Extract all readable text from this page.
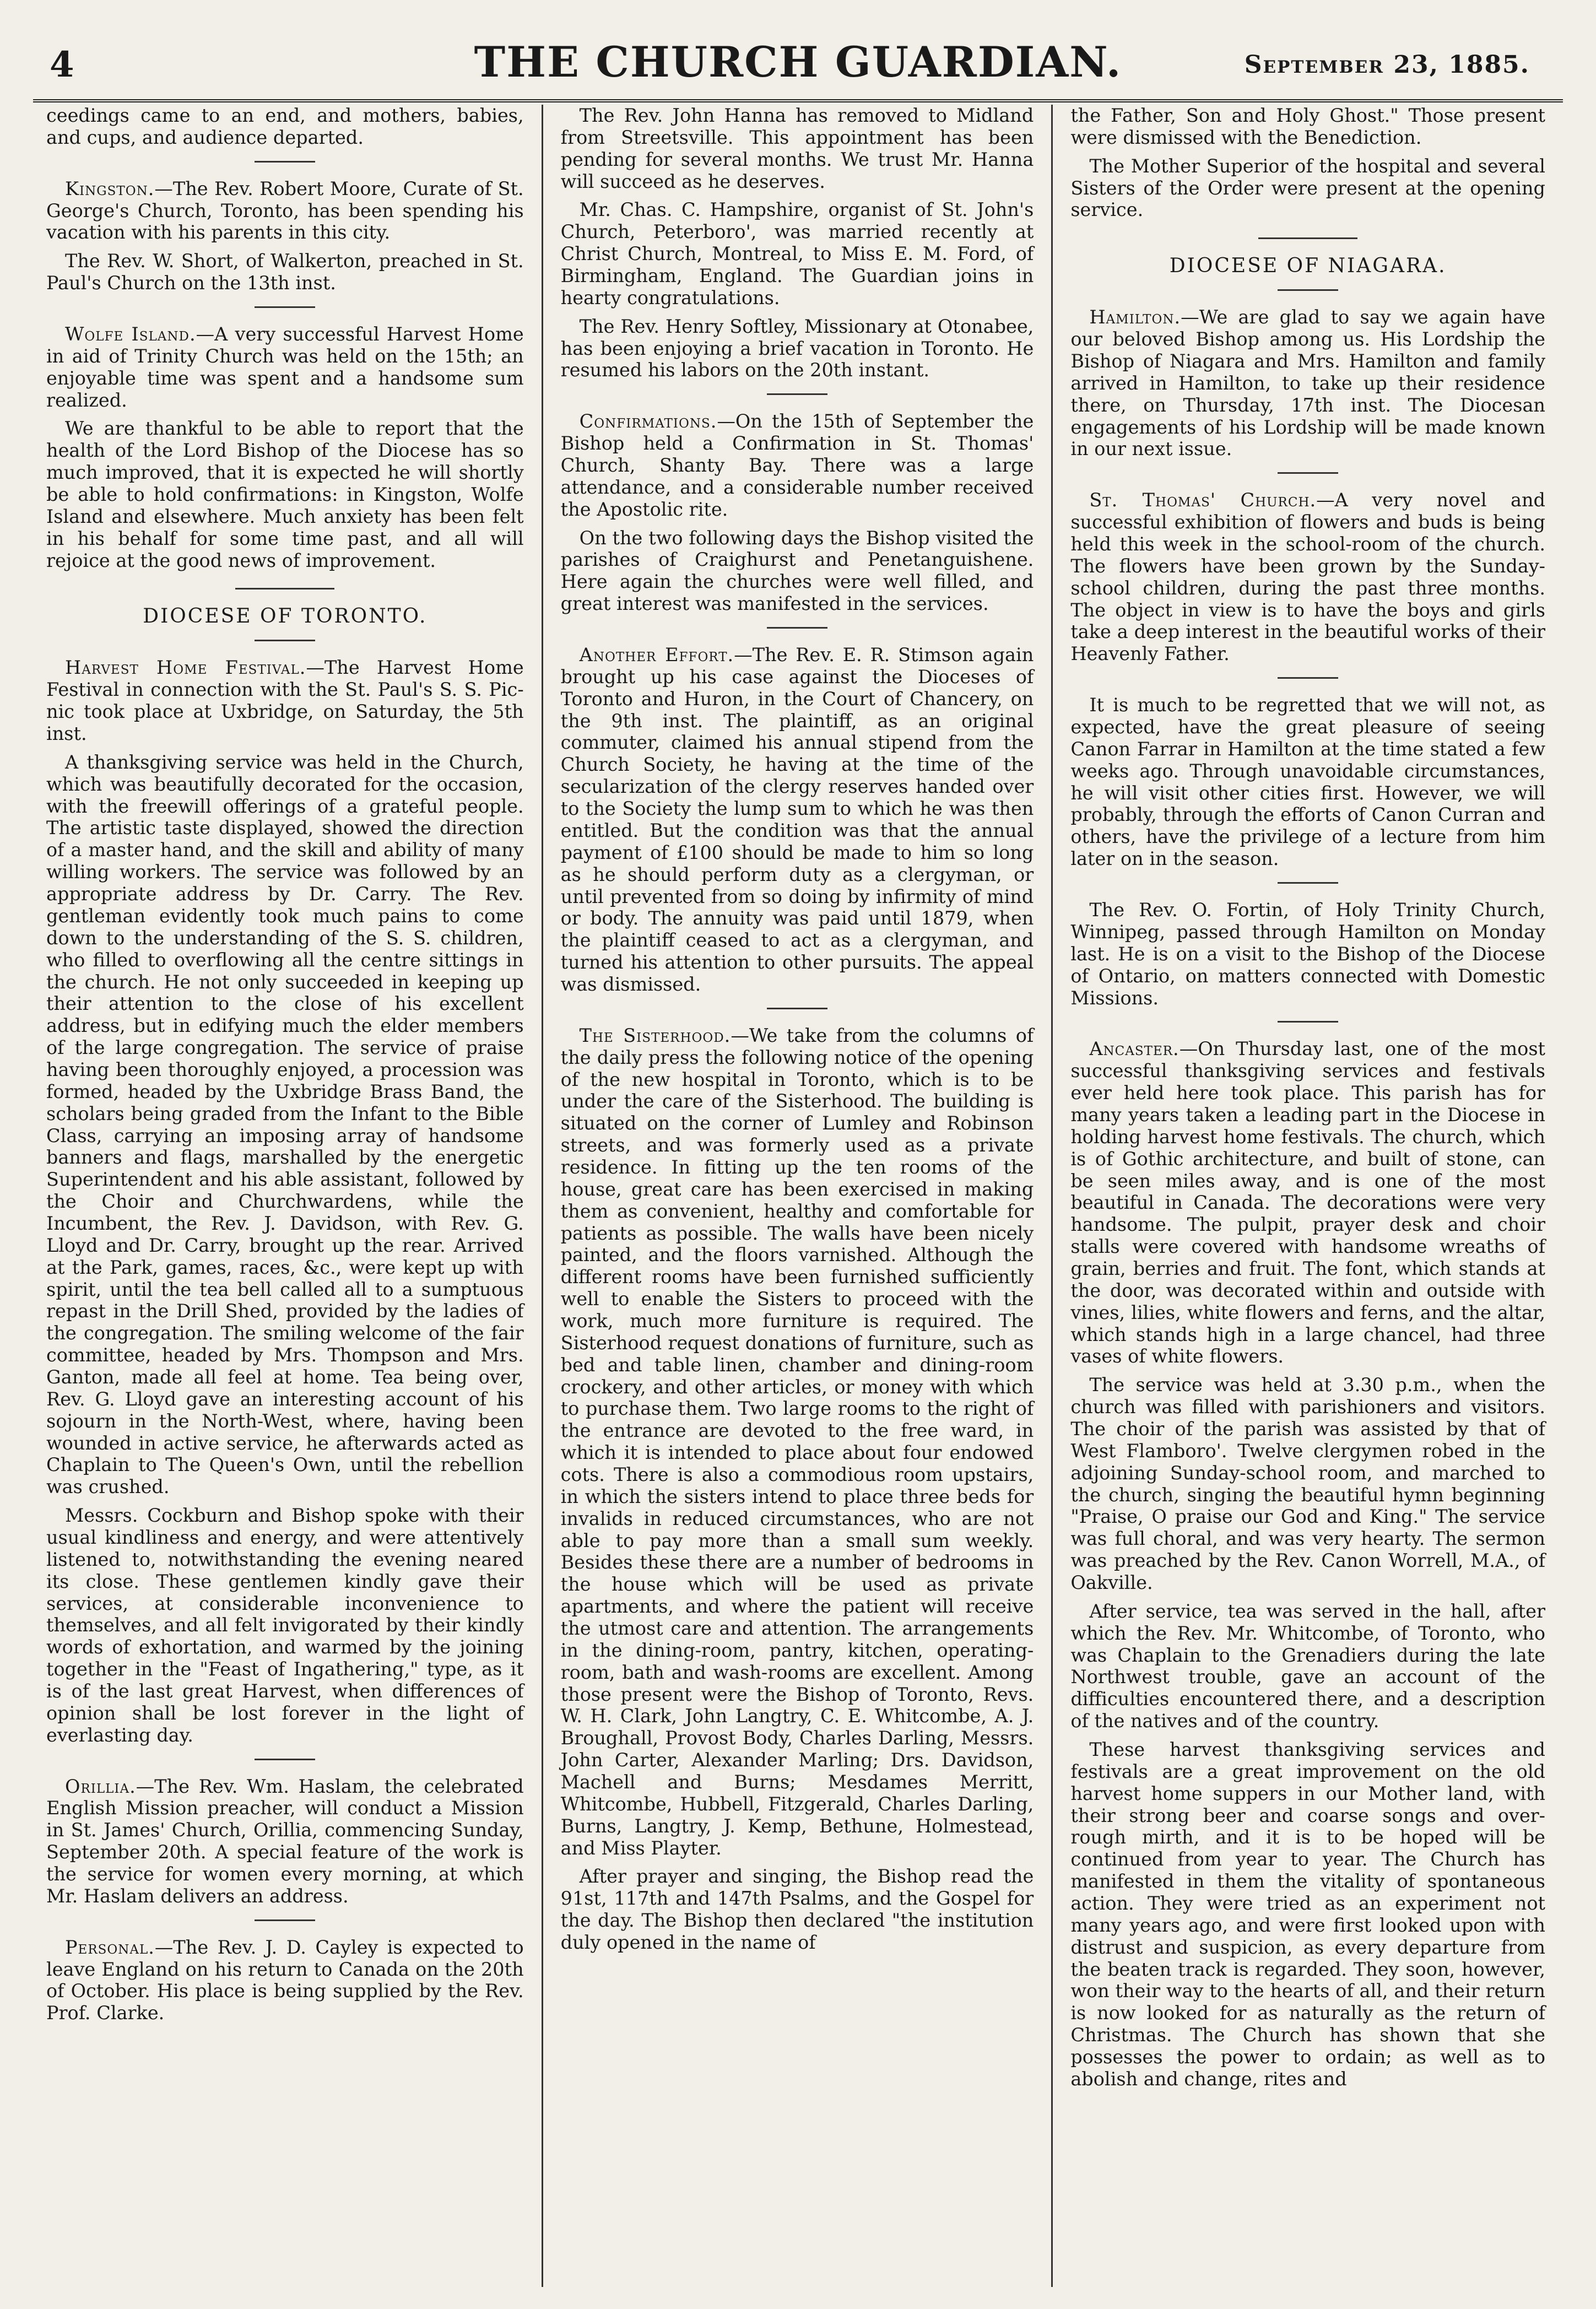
4	THE CHURCH GUARDIAN.	September 23, 1885.

ceedings came to an end, and mothers, babies, and cups, and audience departed.

Kingston.—The Rev. Robert Moore, Curate of St. George's Church, Toronto, has been spending his vacation with his parents in this city.

The Rev. W. Short, of Walkerton, preached in St. Paul's Church on the 13th inst.

Wolfe Island.—A very successful Harvest Home in aid of Trinity Church was held on the 15th; an enjoyable time was spent and a handsome sum realized.

We are thankful to be able to report that the health of the Lord Bishop of the Diocese has so much improved, that it is expected he will shortly be able to hold confirmations: in Kingston, Wolfe Island and elsewhere. Much anxiety has been felt in his behalf for some time past, and all will rejoice at the good news of improvement.

DIOCESE OF TORONTO.

Harvest Home Festival.—The Harvest Home Festival in connection with the St. Paul's S. S. Pic-nic took place at Uxbridge, on Saturday, the 5th inst.

A thanksgiving service was held in the Church, which was beautifully decorated for the occasion, with the freewill offerings of a grateful people. The artistic taste displayed, showed the direction of a master hand, and the skill and ability of many willing workers. The service was followed by an appropriate address by Dr. Carry. The Rev. gentleman evidently took much pains to come down to the understanding of the S. S. children, who filled to overflowing all the centre sittings in the church. He not only succeeded in keeping up their attention to the close of his excellent address, but in edifying much the elder members of the large congregation. The service of praise having been thoroughly enjoyed, a procession was formed, headed by the Uxbridge Brass Band, the scholars being graded from the Infant to the Bible Class, carrying an imposing array of handsome banners and flags, marshalled by the energetic Superintendent and his able assistant, followed by the Choir and Churchwardens, while the Incumbent, the Rev. J. Davidson, with Rev. G. Lloyd and Dr. Carry, brought up the rear. Arrived at the Park, games, races, &c., were kept up with spirit, until the tea bell called all to a sumptuous repast in the Drill Shed, provided by the ladies of the congregation. The smiling welcome of the fair committee, headed by Mrs. Thompson and Mrs. Ganton, made all feel at home. Tea being over, Rev. G. Lloyd gave an interesting account of his sojourn in the North-West, where, having been wounded in active service, he afterwards acted as Chaplain to The Queen's Own, until the rebellion was crushed.

Messrs. Cockburn and Bishop spoke with their usual kindliness and energy, and were attentively listened to, notwithstanding the evening neared its close. These gentlemen kindly gave their services, at considerable inconvenience to themselves, and all felt invigorated by their kindly words of exhortation, and warmed by the joining together in the "Feast of Ingathering," type, as it is of the last great Harvest, when differences of opinion shall be lost forever in the light of everlasting day.

Orillia.—The Rev. Wm. Haslam, the celebrated English Mission preacher, will conduct a Mission in St. James' Church, Orillia, commencing Sunday, September 20th. A special feature of the work is the service for women every morning, at which Mr. Haslam delivers an address.

Personal.—The Rev. J. D. Cayley is expected to leave England on his return to Canada on the 20th of October. His place is being supplied by the Rev. Prof. Clarke.

The Rev. John Hanna has removed to Midland from Streetsville. This appointment has been pending for several months. We trust Mr. Hanna will succeed as he deserves.

Mr. Chas. C. Hampshire, organist of St. John's Church, Peterboro', was married recently at Christ Church, Montreal, to Miss E. M. Ford, of Birmingham, England. The Guardian joins in hearty congratulations.

The Rev. Henry Softley, Missionary at Otonabee, has been enjoying a brief vacation in Toronto. He resumed his labors on the 20th instant.

Confirmations.—On the 15th of September the Bishop held a Confirmation in St. Thomas' Church, Shanty Bay. There was a large attendance, and a considerable number received the Apostolic rite.

On the two following days the Bishop visited the parishes of Craighurst and Penetanguishene. Here again the churches were well filled, and great interest was manifested in the services.

Another Effort.—The Rev. E. R. Stimson again brought up his case against the Dioceses of Toronto and Huron, in the Court of Chancery, on the 9th inst. The plaintiff, as an original commuter, claimed his annual stipend from the Church Society, he having at the time of the secularization of the clergy reserves handed over to the Society the lump sum to which he was then entitled. But the condition was that the annual payment of £100 should be made to him so long as he should perform duty as a clergyman, or until prevented from so doing by infirmity of mind or body. The annuity was paid until 1879, when the plaintiff ceased to act as a clergyman, and turned his attention to other pursuits. The appeal was dismissed.

The Sisterhood.—We take from the columns of the daily press the following notice of the opening of the new hospital in Toronto, which is to be under the care of the Sisterhood. The building is situated on the corner of Lumley and Robinson streets, and was formerly used as a private residence. In fitting up the ten rooms of the house, great care has been exercised in making them as convenient, healthy and comfortable for patients as possible. The walls have been nicely painted, and the floors varnished. Although the different rooms have been furnished sufficiently well to enable the Sisters to proceed with the work, much more furniture is required. The Sisterhood request donations of furniture, such as bed and table linen, chamber and dining-room crockery, and other articles, or money with which to purchase them. Two large rooms to the right of the entrance are devoted to the free ward, in which it is intended to place about four endowed cots. There is also a commodious room upstairs, in which the sisters intend to place three beds for invalids in reduced circumstances, who are not able to pay more than a small sum weekly. Besides these there are a number of bedrooms in the house which will be used as private apartments, and where the patient will receive the utmost care and attention. The arrangements in the dining-room, pantry, kitchen, operating-room, bath and wash-rooms are excellent. Among those present were the Bishop of Toronto, Revs. W. H. Clark, John Langtry, C. E. Whitcombe, A. J. Broughall, Provost Body, Charles Darling, Messrs. John Carter, Alexander Marling; Drs. Davidson, Machell and Burns; Mesdames Merritt, Whitcombe, Hubbell, Fitzgerald, Charles Darling, Burns, Langtry, J. Kemp, Bethune, Holmestead, and Miss Playter.

After prayer and singing, the Bishop read the 91st, 117th and 147th Psalms, and the Gospel for the day. The Bishop then declared "the institution duly opened in the name of

the Father, Son and Holy Ghost." Those present were dismissed with the Benediction.

The Mother Superior of the hospital and several Sisters of the Order were present at the opening service.

DIOCESE OF NIAGARA.

Hamilton.—We are glad to say we again have our beloved Bishop among us. His Lordship the Bishop of Niagara and Mrs. Hamilton and family arrived in Hamilton, to take up their residence there, on Thursday, 17th inst. The Diocesan engagements of his Lordship will be made known in our next issue.

St. Thomas' Church.—A very novel and successful exhibition of flowers and buds is being held this week in the school-room of the church. The flowers have been grown by the Sunday-school children, during the past three months. The object in view is to have the boys and girls take a deep interest in the beautiful works of their Heavenly Father.

It is much to be regretted that we will not, as expected, have the great pleasure of seeing Canon Farrar in Hamilton at the time stated a few weeks ago. Through unavoidable circumstances, he will visit other cities first. However, we will probably, through the efforts of Canon Curran and others, have the privilege of a lecture from him later on in the season.

The Rev. O. Fortin, of Holy Trinity Church, Winnipeg, passed through Hamilton on Monday last. He is on a visit to the Bishop of the Diocese of Ontario, on matters connected with Domestic Missions.

Ancaster.—On Thursday last, one of the most successful thanksgiving services and festivals ever held here took place. This parish has for many years taken a leading part in the Diocese in holding harvest home festivals. The church, which is of Gothic architecture, and built of stone, can be seen miles away, and is one of the most beautiful in Canada. The decorations were very handsome. The pulpit, prayer desk and choir stalls were covered with handsome wreaths of grain, berries and fruit. The font, which stands at the door, was decorated within and outside with vines, lilies, white flowers and ferns, and the altar, which stands high in a large chancel, had three vases of white flowers.

The service was held at 3.30 p.m., when the church was filled with parishioners and visitors. The choir of the parish was assisted by that of West Flamboro'. Twelve clergymen robed in the adjoining Sunday-school room, and marched to the church, singing the beautiful hymn beginning "Praise, O praise our God and King." The service was full choral, and was very hearty. The sermon was preached by the Rev. Canon Worrell, M.A., of Oakville.

After service, tea was served in the hall, after which the Rev. Mr. Whitcombe, of Toronto, who was Chaplain to the Grenadiers during the late Northwest trouble, gave an account of the difficulties encountered there, and a description of the natives and of the country.

These harvest thanksgiving services and festivals are a great improvement on the old harvest home suppers in our Mother land, with their strong beer and coarse songs and over-rough mirth, and it is to be hoped will be continued from year to year. The Church has manifested in them the vitality of spontaneous action. They were tried as an experiment not many years ago, and were first looked upon with distrust and suspicion, as every departure from the beaten track is regarded. They soon, however, won their way to the hearts of all, and their return is now looked for as naturally as the return of Christmas. The Church has shown that she possesses the power to ordain; as well as to abolish and change, rites and
